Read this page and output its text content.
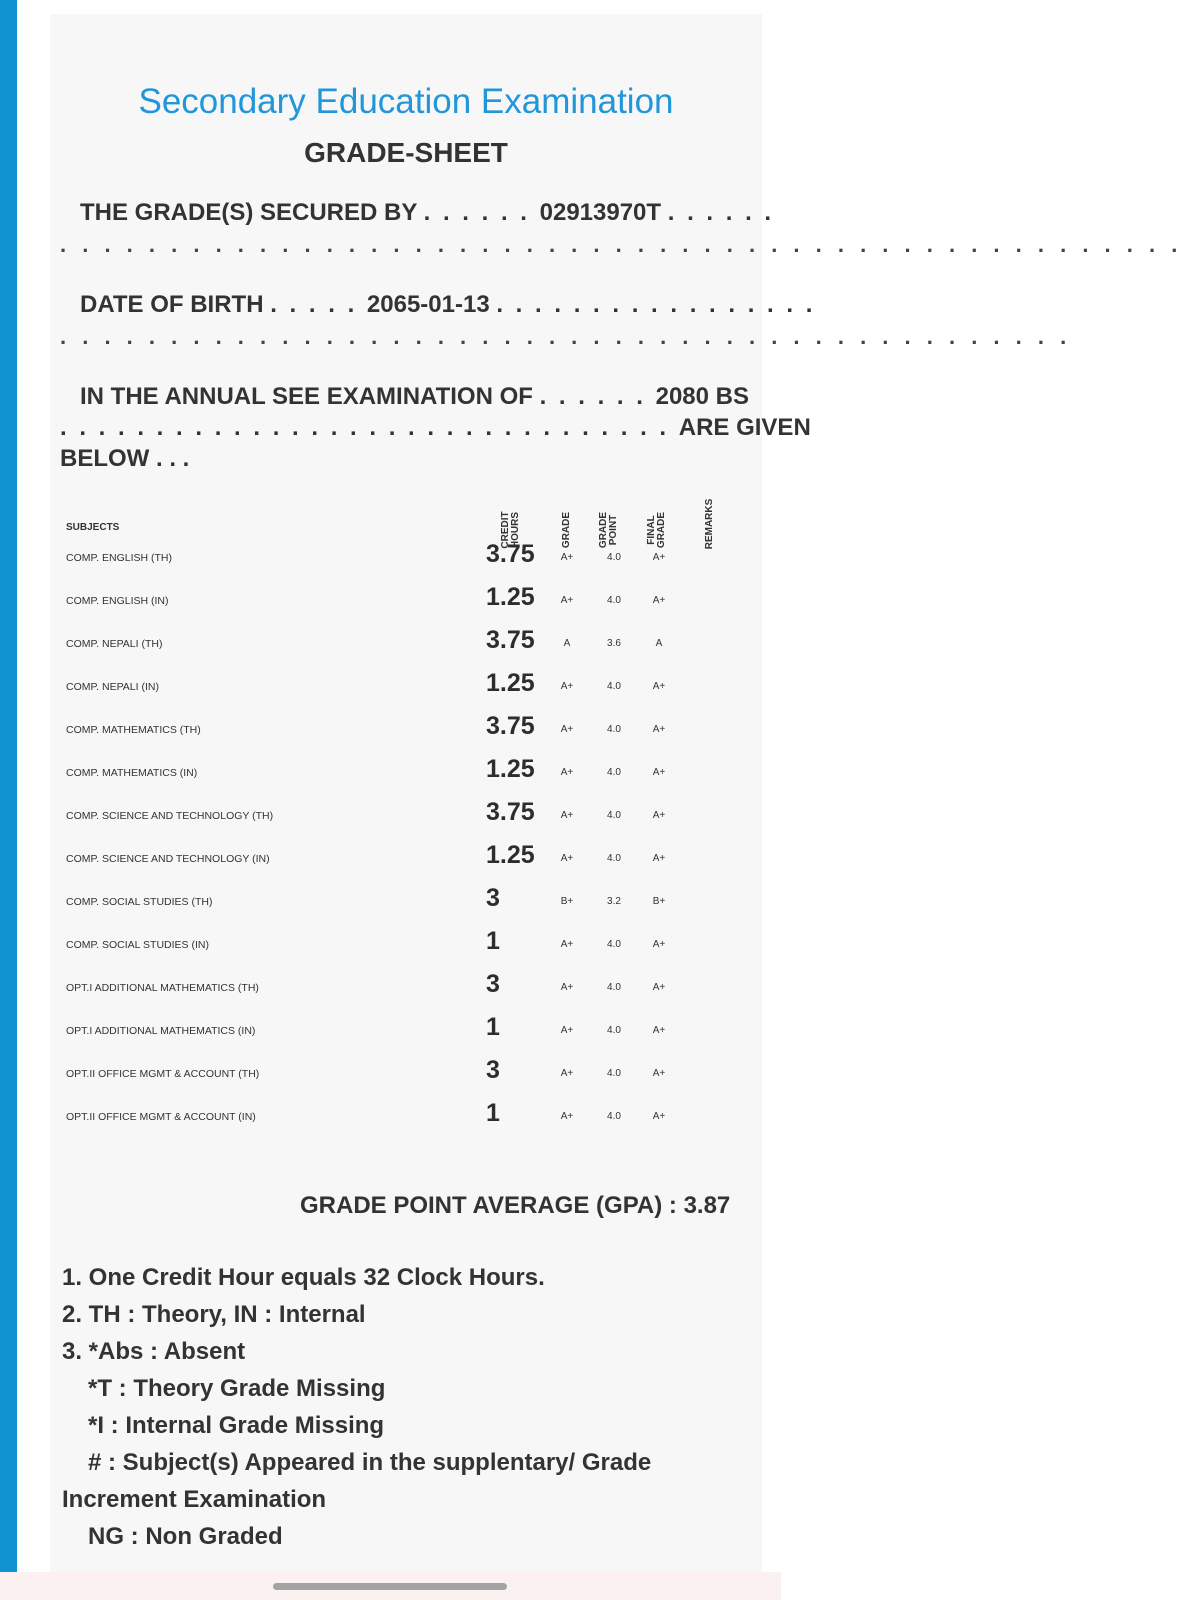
Secondary Education Examination
GRADE-SHEET
THE GRADE(S) SECURED BY . . . . . . 02913970T . . . . . .
. . . . . . . . . . . . . . . . . . . . . . . . . . . . . . . . . . . . . . . . . . . . . . . . . . .
DATE OF BIRTH . . . . . 2065-01-13 . . . . . . . . . . . . . . . . .
. . . . . . . . . . . . . . . . . . . . . . . . . . . . . . . . . . . . . . . . . . . . . .
IN THE ANNUAL SEE EXAMINATION OF . . . . . . 2080 BS
. . . . . . . . . . . . . . . . . . . . . . . . . . . . . . . . ARE GIVEN
BELOW . . .
SUBJECTS	CREDIT HOURS	GRADE	GRADE POINT	FINAL GRADE	REMARKS
COMP. ENGLISH (TH)	3.75	A+	4.0	A+
COMP. ENGLISH (IN)	1.25	A+	4.0	A+
COMP. NEPALI (TH)	3.75	A	3.6	A
COMP. NEPALI (IN)	1.25	A+	4.0	A+
COMP. MATHEMATICS (TH)	3.75	A+	4.0	A+
COMP. MATHEMATICS (IN)	1.25	A+	4.0	A+
COMP. SCIENCE AND TECHNOLOGY (TH)	3.75	A+	4.0	A+
COMP. SCIENCE AND TECHNOLOGY (IN)	1.25	A+	4.0	A+
COMP. SOCIAL STUDIES (TH)	3	B+	3.2	B+
COMP. SOCIAL STUDIES (IN)	1	A+	4.0	A+
OPT.I ADDITIONAL MATHEMATICS (TH)	3	A+	4.0	A+
OPT.I ADDITIONAL MATHEMATICS (IN)	1	A+	4.0	A+
OPT.II OFFICE MGMT & ACCOUNT (TH)	3	A+	4.0	A+
OPT.II OFFICE MGMT & ACCOUNT (IN)	1	A+	4.0	A+
GRADE POINT AVERAGE (GPA) : 3.87
1. One Credit Hour equals 32 Clock Hours.
2. TH : Theory, IN : Internal
3. *Abs : Absent
*T : Theory Grade Missing
*I : Internal Grade Missing
# : Subject(s) Appeared in the supplentary/ Grade
Increment Examination
NG : Non Graded
